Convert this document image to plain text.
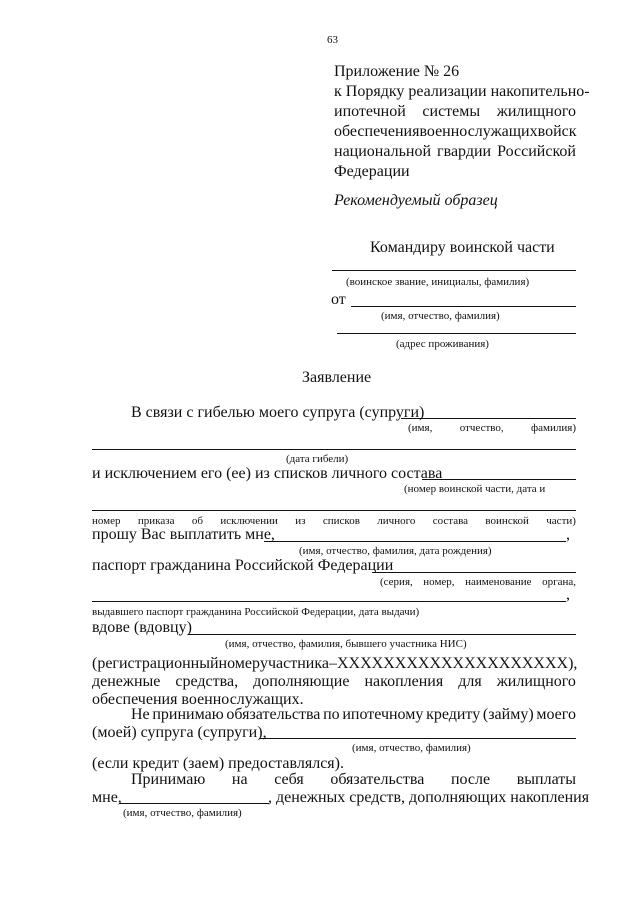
63
Приложение № 26
к Порядку реализации накопительно-
ипотечной системы жилищного
обеспечения военнослужащих войск
национальной гвардии Российской
Федерации
Рекомендуемый образец
Командиру воинской части
(воинское звание, инициалы, фамилия)
от
(имя, отчество, фамилия)
(адрес проживания)
Заявление
В связи с гибелью моего супруга (супруги)
(имя, отчество, фамилия)
(дата гибели)
и исключением его (ее) из списков личного состава
(номер воинской части, дата и
номер приказа об исключении из списков личного состава воинской части)
прошу Вас выплатить мне,	,
(имя, отчество, фамилия, дата рождения)
паспорт гражданина Российской Федерации
(серия, номер, наименование органа,
,
выдавшего паспорт гражданина Российской Федерации, дата выдачи)
вдове (вдовцу)
(имя, отчество, фамилия, бывшего участника НИС)
(регистрационный номер участника – XXXXXXXXXXXXXXXXXXXX),
денежные средства, дополняющие накопления для жилищного
обеспечения военнослужащих.
Не принимаю обязательства по ипотечному кредиту (займу) моего
(моей) супруга (супруги),
(имя, отчество, фамилия)
(если кредит (заем) предоставлялся).
Принимаю на себя обязательства после выплаты
мне,	, денежных средств, дополняющих накопления
(имя, отчество, фамилия)
